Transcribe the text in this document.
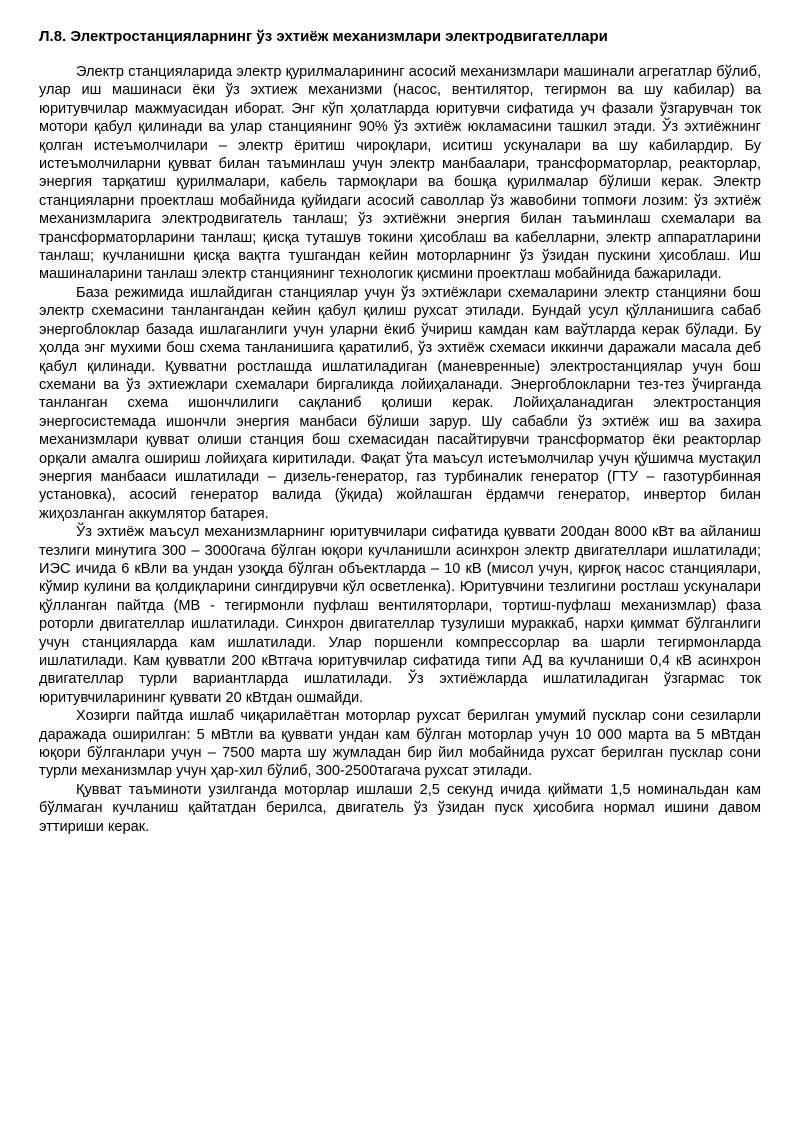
Л.8. Электростанцияларнинг ўз эхтиёж механизмлари электродвигателлари

Электр станцияларида электр қурилмаларининг асосий механизмлари машинали агрегатлар бўлиб, улар иш машинаси ёки ўз эхтиеж механизми (насос, вентилятор, тегирмон ва шу кабилар) ва юритувчилар мажмуасидан иборат. Энг кўп ҳолатларда юритувчи сифатида уч фазали ўзгарувчан ток мотори қабул қилинади ва улар станциянинг 90% ўз эхтиёж юкламасини ташкил этади. Ўз эхтиёжнинг қолган истеъмолчилари – электр ёритиш чироқлари, иситиш ускуналари ва шу кабилардир. Бу истеъмолчиларни қувват билан таъминлаш учун электр манбаалари, трансформаторлар, реакторлар, энергия тарқатиш қурилмалари, кабель тармоқлари ва бошқа қурилмалар бўлиши керак. Электр станцияларни проектлаш мобайнида қуйидаги асосий саволлар ўз жавобини топмоғи лозим: ўз эхтиёж механизмларига электродвигатель танлаш; ўз эхтиёжни энергия билан таъминлаш схемалари ва трансформаторларини танлаш; қисқа туташув токини ҳисоблаш ва кабелларни, электр аппаратларини танлаш; кучланишни қисқа вақтга тушгандан кейин моторларнинг ўз ўзидан пускини ҳисоблаш. Иш машиналарини танлаш электр станциянинг технологик қисмини проектлаш мобайнида бажарилади.

База режимида ишлайдиган станциялар учун ўз эхтиёжлари схемаларини электр станцияни бош электр схемасини танлангандан кейин қабул қилиш рухсат этилади. Бундай усул қўлланишига сабаб энергоблоклар базада ишлаганлиги учун уларни ёкиб ўчириш камдан кам ваўтларда керак бўлади. Бу ҳолда энг мухими бош схема танланишига қаратилиб, ўз эхтиёж схемаси иккинчи даражали масала деб қабул қилинади. Қувватни ростлашда ишлатиладиган (маневренные) электростанциялар учун бош схемани ва ўз эхтиежлари схемалари биргаликда лойиҳаланади. Энергоблокларни тез-тез ўчирганда танланган схема ишончлилиги сақланиб қолиши керак. Лойиҳаланадиган электростанция энергосистемада ишончли энергия манбаси бўлиши зарур. Шу сабабли ўз эхтиёж иш ва захира механизмлари қувват олиши станция бош схемасидан пасайтирувчи трансформатор ёки реакторлар орқали амалга ошириш лойиҳага киритилади. Фақат ўта маъсул истеъмолчилар учун қўшимча мустақил энергия манбааси ишлатилади – дизель-генератор, газ турбиналик генератор (ГТУ – газотурбинная установка), асосий генератор валида (ўқида) жойлашган ёрдамчи генератор, инвертор билан жиҳозланган аккумлятор батарея.

Ўз эхтиёж маъсул механизмларнинг юритувчилари сифатида қуввати 200дан 8000 кВт ва айланиш тезлиги минутига 300 – 3000гача бўлган юқори кучланишли асинхрон электр двигателлари ишлатилади; ИЭС ичида 6 кВли ва ундан узоқда бўлган объектларда – 10 кВ (мисол учун, қирғоқ насос станциялари, кўмир кулини ва қолдиқларини сингдирувчи кўл осветленка). Юритувчини тезлигини ростлаш ускуналари қўлланган пайтда (МВ - тегирмонли пуфлаш вентиляторлари, тортиш-пуфлаш механизмлар) фаза роторли двигателлар ишлатилади. Синхрон двигателлар тузулиши мураккаб, нархи қиммат бўлганлиги учун станцияларда кам ишлатилади. Улар поршенли компрессорлар ва шарли тегирмонларда ишлатилади. Кам қувватли 200 кВтгача юритувчилар сифатида типи АД ва кучланиши 0,4 кВ асинхрон двигателлар турли вариантларда ишлатилади. Ўз эхтиёжларда ишлатиладиган ўзгармас ток юритувчиларининг қуввати 20 кВтдан ошмайди.

Хозирги пайтда ишлаб чиқарилаётган моторлар рухсат берилган умумий пусклар сони сезиларли даражада оширилган: 5 мВтли ва қуввати ундан кам бўлган моторлар учун 10 000 марта ва 5 мВтдан юқори бўлганлари учун – 7500 марта шу жумладан бир йил мобайнида рухсат берилган пусклар сони турли механизмлар учун ҳар-хил бўлиб, 300-2500тагача рухсат этилади.

Қувват таъминоти узилганда моторлар ишлаши 2,5 секунд ичида қиймати 1,5 номинальдан кам бўлмаган кучланиш қайтатдан берилса, двигатель ўз ўзидан пуск ҳисобига нормал ишини давом эттириши керак.
